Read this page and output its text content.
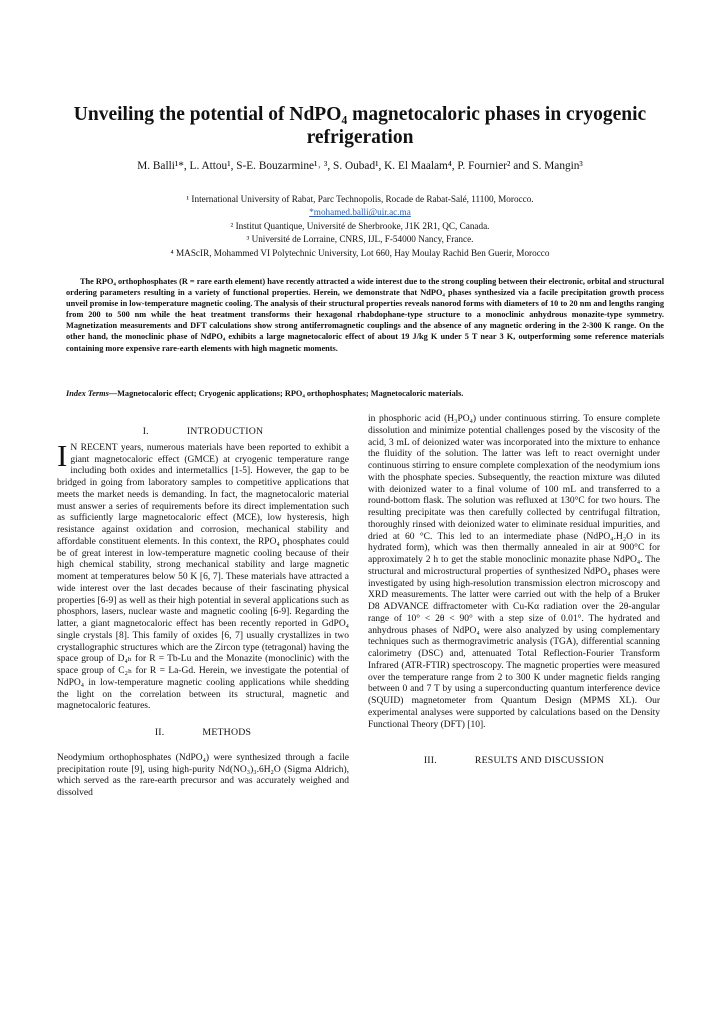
Unveiling the potential of NdPO₄ magnetocaloric phases in cryogenic refrigeration
M. Balli¹*, L. Attou¹, S-E. Bouzarmine¹˒ ³, S. Oubad¹, K. El Maalam⁴, P. Fournier² and S. Mangin³
¹ International University of Rabat, Parc Technopolis, Rocade de Rabat-Salé, 11100, Morocco.
*mohamed.balli@uir.ac.ma
² Institut Quantique, Université de Sherbrooke, J1K 2R1, QC, Canada.
³ Université de Lorraine, CNRS, IJL, F-54000 Nancy, France.
⁴ MAScIR, Mohammed VI Polytechnic University, Lot 660, Hay Moulay Rachid Ben Guerir, Morocco
The RPO₄ orthophosphates (R = rare earth element) have recently attracted a wide interest due to the strong coupling between their electronic, orbital and structural ordering parameters resulting in a variety of functional properties. Herein, we demonstrate that NdPO₄ phases synthesized via a facile precipitation growth process unveil promise in low-temperature magnetic cooling. The analysis of their structural properties reveals nanorod forms with diameters of 10 to 20 nm and lengths ranging from 200 to 500 nm while the heat treatment transforms their hexagonal rhabdophane-type structure to a monoclinic anhydrous monazite-type symmetry. Magnetization measurements and DFT calculations show strong antiferromagnetic couplings and the absence of any magnetic ordering in the 2-300 K range. On the other hand, the monoclinic phase of NdPO₄ exhibits a large magnetocaloric effect of about 19 J/kg K under 5 T near 3 K, outperforming some reference materials containing more expensive rare-earth elements with high magnetic moments.
Index Terms—Magnetocaloric effect; Cryogenic applications; RPO₄ orthophosphates; Magnetocaloric materials.
I.	INTRODUCTION

I N RECENT years, numerous materials have been reported to exhibit a giant magnetocaloric effect (GMCE) at cryogenic temperature range including both oxides and intermetallics [1-5]. However, the gap to be bridged in going from laboratory samples to competitive applications that meets the market needs is demanding. In fact, the magnetocaloric material must answer a series of requirements before its direct implementation such as sufficiently large magnetocaloric effect (MCE), low hysteresis, high resistance against oxidation and corrosion, mechanical stability and affordable constituent elements. In this context, the RPO₄ phosphates could be of great interest in low-temperature magnetic cooling because of their high chemical stability, strong mechanical stability and large magnetic moment at temperatures below 50 K [6, 7]. These materials have attracted a wide interest over the last decades because of their fascinating physical properties [6-9] as well as their high potential in several applications such as phosphors, lasers, nuclear waste and magnetic cooling [6-9]. Regarding the latter, a giant magnetocaloric effect has been recently reported in GdPO₄ single crystals [8]. This family of oxides [6, 7] usually crystallizes in two crystallographic structures which are the Zircon type (tetragonal) having the space group of D₄ₕ for R = Tb-Lu and the Monazite (monoclinic) with the space group of C₂ₕ for R = La-Gd. Herein, we investigate the potential of NdPO₄ in low-temperature magnetic cooling applications while shedding the light on the correlation between its structural, magnetic and magnetocaloric features.

II.	METHODS

Neodymium orthophosphates (NdPO₄) were synthesized through a facile precipitation route [9], using high-purity Nd(NO₃)₃.6H₂O (Sigma Aldrich), which served as the rare-earth precursor and was accurately weighed and dissolved

in phosphoric acid (H₃PO₄) under continuous stirring. To ensure complete dissolution and minimize potential challenges posed by the viscosity of the acid, 3 mL of deionized water was incorporated into the mixture to enhance the fluidity of the solution. The latter was left to react overnight under continuous stirring to ensure complete complexation of the neodymium ions with the phosphate species. Subsequently, the reaction mixture was diluted with deionized water to a final volume of 100 mL and transferred to a round-bottom flask. The solution was refluxed at 130°C for two hours. The resulting precipitate was then carefully collected by centrifugal filtration, thoroughly rinsed with deionized water to eliminate residual impurities, and dried at 60 °C. This led to an intermediate phase (NdPO₄.H₂O in its hydrated form), which was then thermally annealed in air at 900°C for approximately 2 h to get the stable monoclinic monazite phase NdPO₄. The structural and microstructural properties of synthesized NdPO₄ phases were investigated by using high-resolution transmission electron microscopy and XRD measurements. The latter were carried out with the help of a Bruker D8 ADVANCE diffractometer with Cu-Kα radiation over the 2θ-angular range of 10° < 2θ < 90° with a step size of 0.01°. The hydrated and anhydrous phases of NdPO₄ were also analyzed by using complementary techniques such as thermogravimetric analysis (TGA), differential scanning calorimetry (DSC) and, attenuated Total Reflection-Fourier Transform Infrared (ATR-FTIR) spectroscopy. The magnetic properties were measured over the temperature range from 2 to 300 K under magnetic fields ranging between 0 and 7 T by using a superconducting quantum interference device (SQUID) magnetometer from Quantum Design (MPMS XL). Our experimental analyses were supported by calculations based on the Density Functional Theory (DFT) [10].

III.	RESULTS AND DISCUSSION
